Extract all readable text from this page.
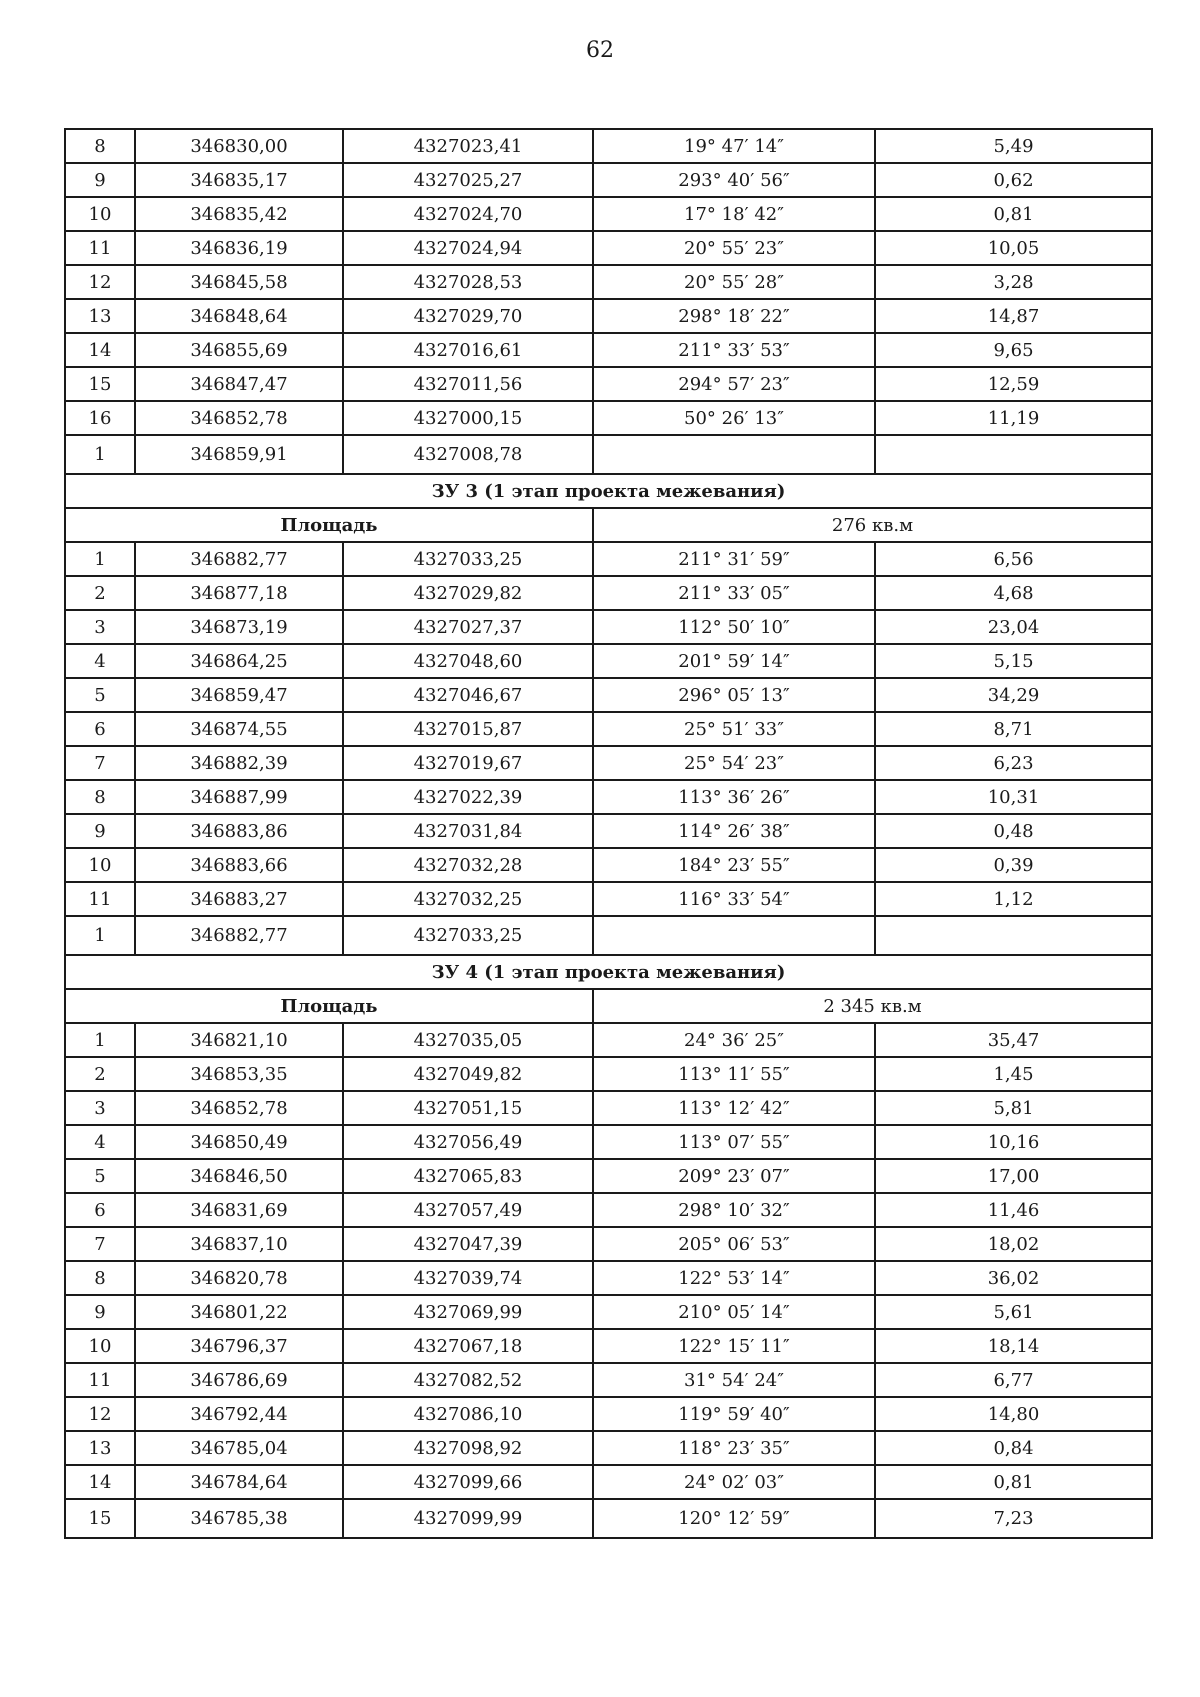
62
8	346830,00	4327023,41	19° 47′ 14″	5,49
9	346835,17	4327025,27	293° 40′ 56″	0,62
10	346835,42	4327024,70	17° 18′ 42″	0,81
11	346836,19	4327024,94	20° 55′ 23″	10,05
12	346845,58	4327028,53	20° 55′ 28″	3,28
13	346848,64	4327029,70	298° 18′ 22″	14,87
14	346855,69	4327016,61	211° 33′ 53″	9,65
15	346847,47	4327011,56	294° 57′ 23″	12,59
16	346852,78	4327000,15	50° 26′ 13″	11,19
1	346859,91	4327008,78		
ЗУ 3 (1 этап проекта межевания)				
Площадь			276 кв.м	
1	346882,77	4327033,25	211° 31′ 59″	6,56
2	346877,18	4327029,82	211° 33′ 05″	4,68
3	346873,19	4327027,37	112° 50′ 10″	23,04
4	346864,25	4327048,60	201° 59′ 14″	5,15
5	346859,47	4327046,67	296° 05′ 13″	34,29
6	346874,55	4327015,87	25° 51′ 33″	8,71
7	346882,39	4327019,67	25° 54′ 23″	6,23
8	346887,99	4327022,39	113° 36′ 26″	10,31
9	346883,86	4327031,84	114° 26′ 38″	0,48
10	346883,66	4327032,28	184° 23′ 55″	0,39
11	346883,27	4327032,25	116° 33′ 54″	1,12
1	346882,77	4327033,25		
ЗУ 4 (1 этап проекта межевания)				
Площадь			2 345 кв.м	
1	346821,10	4327035,05	24° 36′ 25″	35,47
2	346853,35	4327049,82	113° 11′ 55″	1,45
3	346852,78	4327051,15	113° 12′ 42″	5,81
4	346850,49	4327056,49	113° 07′ 55″	10,16
5	346846,50	4327065,83	209° 23′ 07″	17,00
6	346831,69	4327057,49	298° 10′ 32″	11,46
7	346837,10	4327047,39	205° 06′ 53″	18,02
8	346820,78	4327039,74	122° 53′ 14″	36,02
9	346801,22	4327069,99	210° 05′ 14″	5,61
10	346796,37	4327067,18	122° 15′ 11″	18,14
11	346786,69	4327082,52	31° 54′ 24″	6,77
12	346792,44	4327086,10	119° 59′ 40″	14,80
13	346785,04	4327098,92	118° 23′ 35″	0,84
14	346784,64	4327099,66	24° 02′ 03″	0,81
15	346785,38	4327099,99	120° 12′ 59″	7,23
